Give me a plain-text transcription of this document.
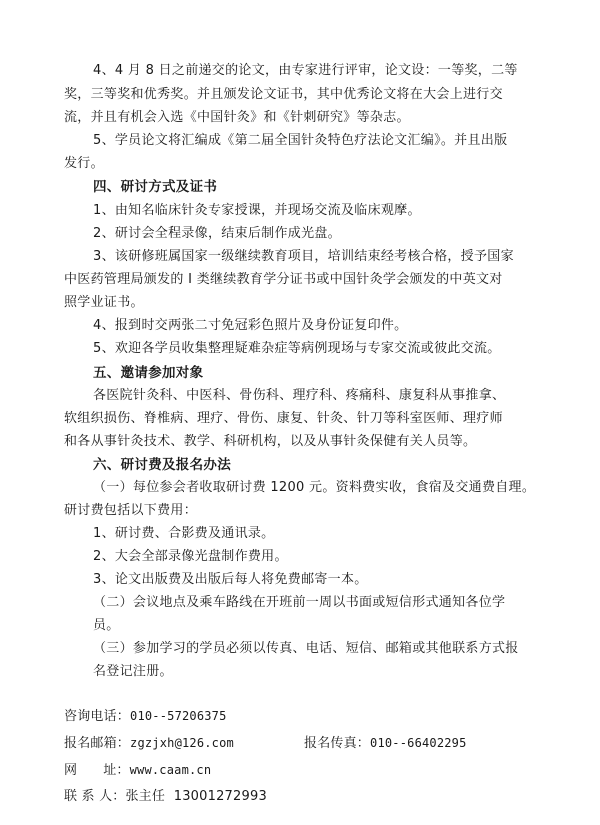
4、4 月 8 日之前递交的论文，由专家进行评审，论文设：一等奖，二等
奖，三等奖和优秀奖。并且颁发论文证书，其中优秀论文将在大会上进行交
流，并且有机会入选《中国针灸》和《针刺研究》等杂志。
5、学员论文将汇编成《第二届全国针灸特色疗法论文汇编》。并且出版
发行。
四、研讨方式及证书
1、由知名临床针灸专家授课，并现场交流及临床观摩。
2、研讨会全程录像，结束后制作成光盘。
3、该研修班属国家一级继续教育项目，培训结束经考核合格，授予国家
中医药管理局颁发的 I 类继续教育学分证书或中国针灸学会颁发的中英文对
照学业证书。
4、报到时交两张二寸免冠彩色照片及身份证复印件。
5、欢迎各学员收集整理疑难杂症等病例现场与专家交流或彼此交流。
五、邀请参加对象
各医院针灸科、中医科、骨伤科、理疗科、疼痛科、康复科从事推拿、
软组织损伤、脊椎病、理疗、骨伤、康复、针灸、针刀等科室医师、理疗师
和各从事针灸技术、教学、科研机构，以及从事针灸保健有关人员等。
六、研讨费及报名办法
（一）每位参会者收取研讨费 1200 元。资料费实收，食宿及交通费自理。
研讨费包括以下费用：
1、研讨费、合影费及通讯录。
2、大会全部录像光盘制作费用。
3、论文出版费及出版后每人将免费邮寄一本。
（二）会议地点及乘车路线在开班前一周以书面或短信形式通知各位学
员。
（三）参加学习的学员必须以传真、电话、短信、邮箱或其他联系方式报
名登记注册。
咨询电话：010--57206375
报名邮箱：zgzjxh@126.com	报名传真：010--66402295
网      址：www.caam.cn
联 系 人：张主任  13001272993
